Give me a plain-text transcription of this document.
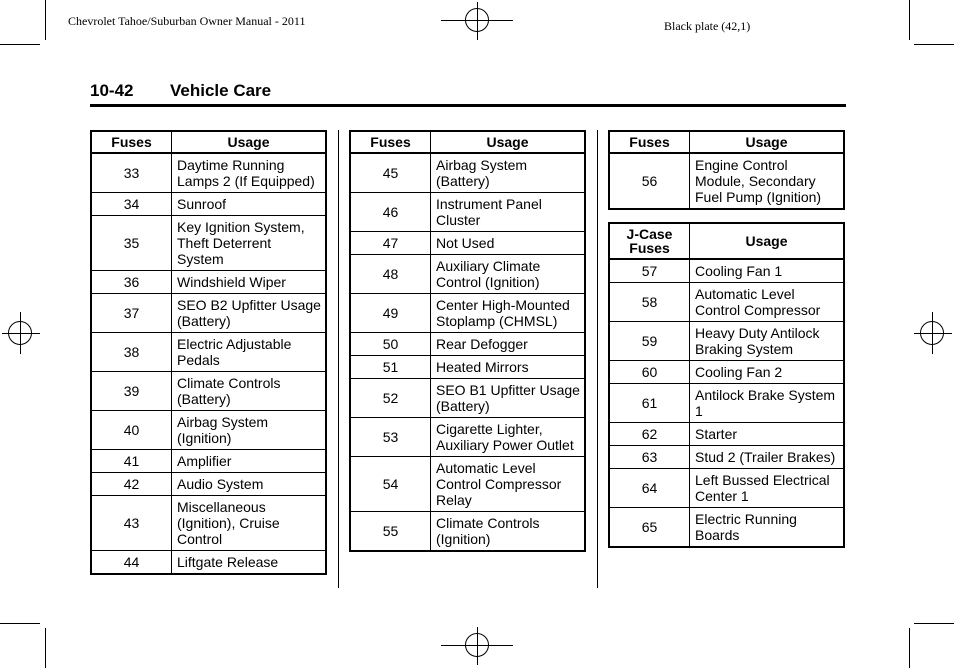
Chevrolet Tahoe/Suburban Owner Manual - 2011	Black plate (42,1)
10-42 Vehicle Care
Fuses	Usage
33	Daytime Running Lamps 2 (If Equipped)
34	Sunroof
35	Key Ignition System, Theft Deterrent System
36	Windshield Wiper
37	SEO B2 Upfitter Usage (Battery)
38	Electric Adjustable Pedals
39	Climate Controls (Battery)
40	Airbag System (Ignition)
41	Amplifier
42	Audio System
43	Miscellaneous (Ignition), Cruise Control
44	Liftgate Release
Fuses	Usage
45	Airbag System (Battery)
46	Instrument Panel Cluster
47	Not Used
48	Auxiliary Climate Control (Ignition)
49	Center High-Mounted Stoplamp (CHMSL)
50	Rear Defogger
51	Heated Mirrors
52	SEO B1 Upfitter Usage (Battery)
53	Cigarette Lighter, Auxiliary Power Outlet
54	Automatic Level Control Compressor Relay
55	Climate Controls (Ignition)
Fuses	Usage
56	Engine Control Module, Secondary Fuel Pump (Ignition)
J-Case Fuses	Usage
57	Cooling Fan 1
58	Automatic Level Control Compressor
59	Heavy Duty Antilock Braking System
60	Cooling Fan 2
61	Antilock Brake System 1
62	Starter
63	Stud 2 (Trailer Brakes)
64	Left Bussed Electrical Center 1
65	Electric Running Boards
